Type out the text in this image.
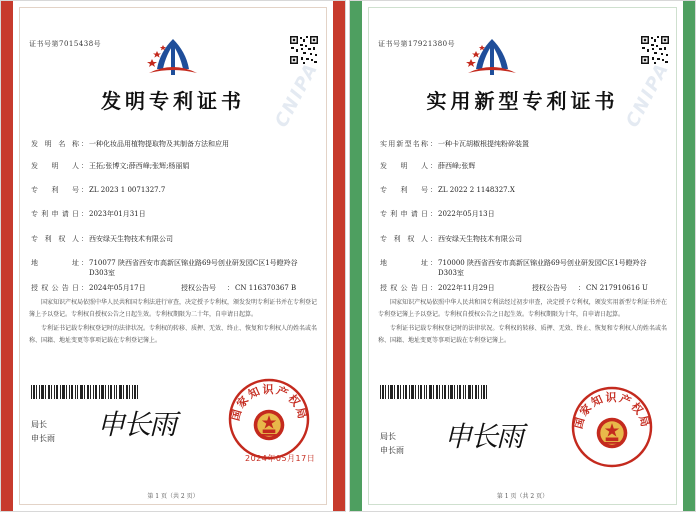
证书号第7015438号
发明专利证书	CNIPA
发明名称 ： 一种化妆品用植物提取物及其制备方法和应用
发明人 ： 王拓;张博文;薛西峰;张辉;杨丽娟
专利号 ： ZL 2023 1 0071327.7
专利申请日 ： 2023年01月31日
专利权人 ： 西安绿天生物技术有限公司
地址 ： 710077 陕西省西安市高新区锦业路69号创业研发园C区1号瞪羚谷D303室
授权公告日 ： 2024年05月17日	授权公告号 ： CN 116370367 B
国家知识产权局依照中华人民共和国专利法进行审查，决定授予专利权，颁发发明专利证书并在专利登记簿上予以登记。专利权自授权公告之日起生效。专利权期限为二十年，自申请日起算。
专利证书记载专利权登记时的法律状况。专利权的转移、质押、无效、终止、恢复和专利权人的姓名或名称、国籍、地址变更等事项记载在专利登记簿上。
局长
申长雨 申长雨	国家知识产权局
2024年05月17日
第 1 页（共 2 页）
证书号第17921380号
实用新型专利证书 CNIPA
实用新型名称 ： 一种卡瓦胡椒根提纯粉碎装置
发明人 ： 薛西峰;张辉
专利号 ： ZL 2022 2 1148327.X
专利申请日 ： 2022年05月13日
专利权人 ： 西安绿天生物技术有限公司
地址 ： 710000 陕西省西安市高新区锦业路69号创业研发园C区1号瞪羚谷D303室
授权公告日 ： 2022年11月29日	授权公告号 ： CN 217910616 U
国家知识产权局依照中华人民共和国专利法经过初步审查，决定授予专利权，颁发实用新型专利证书并在专利登记簿上予以登记。专利权自授权公告之日起生效。专利权期限为十年，自申请日起算。
专利证书记载专利权登记时的法律状况。专利权的转移、质押、无效、终止、恢复和专利权人的姓名或名称、国籍、地址变更等事项记载在专利登记簿上。
局长
申长雨 申长雨	国家知识产权局
第 1 页（共 2 页）
